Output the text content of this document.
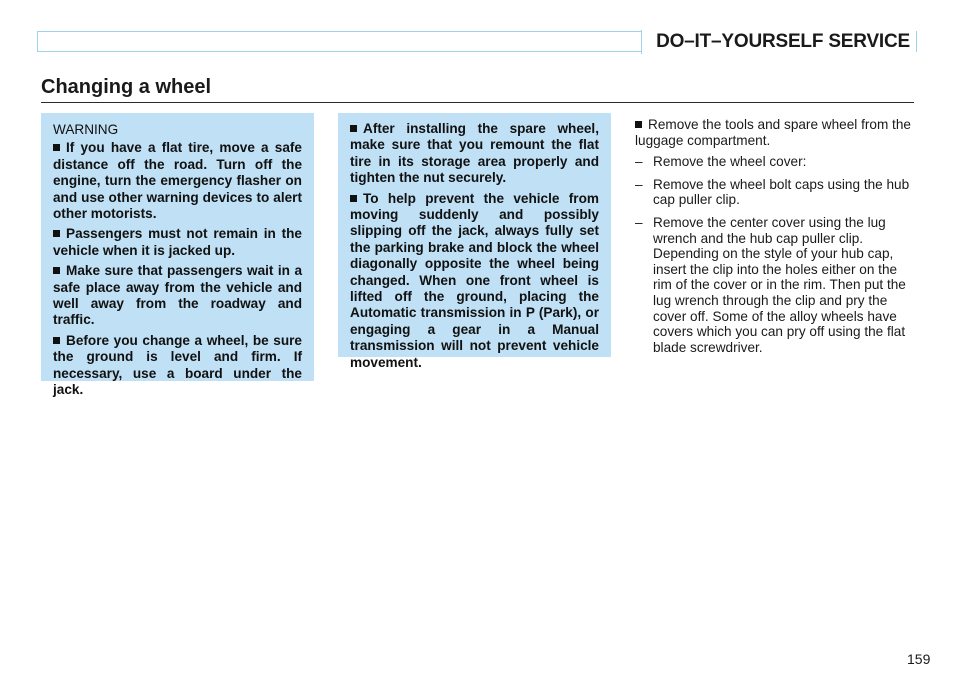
DO–IT–YOURSELF SERVICE
Changing a wheel

WARNING

If you have a flat tire, move a safe distance off the road. Turn off the engine, turn the emergency flasher on and use other warning devices to alert other motorists.

Passengers must not remain in the vehicle when it is jacked up.

Make sure that passengers wait in a safe place away from the vehicle and well away from the roadway and traffic.

Before you change a wheel, be sure the ground is level and firm. If necessary, use a board under the jack.

After installing the spare wheel, make sure that you remount the flat tire in its storage area properly and tighten the nut securely.

To help prevent the vehicle from moving suddenly and possibly slipping off the jack, always fully set the parking brake and block the wheel diagonally opposite the wheel being changed. When one front wheel is lifted off the ground, placing the Automatic transmission in P (Park), or engaging a gear in a Manual transmission will not prevent vehicle movement.

Remove the tools and spare wheel from the luggage compartment.

– Remove the wheel cover:
– Remove the wheel bolt caps using the hub cap puller clip.
– Remove the center cover using the lug wrench and the hub cap puller clip. Depending on the style of your hub cap, insert the clip into the holes either on the rim of the cover or in the rim. Then put the lug wrench through the clip and pry the cover off. Some of the alloy wheels have covers which you can pry off using the flat blade screwdriver.
159
